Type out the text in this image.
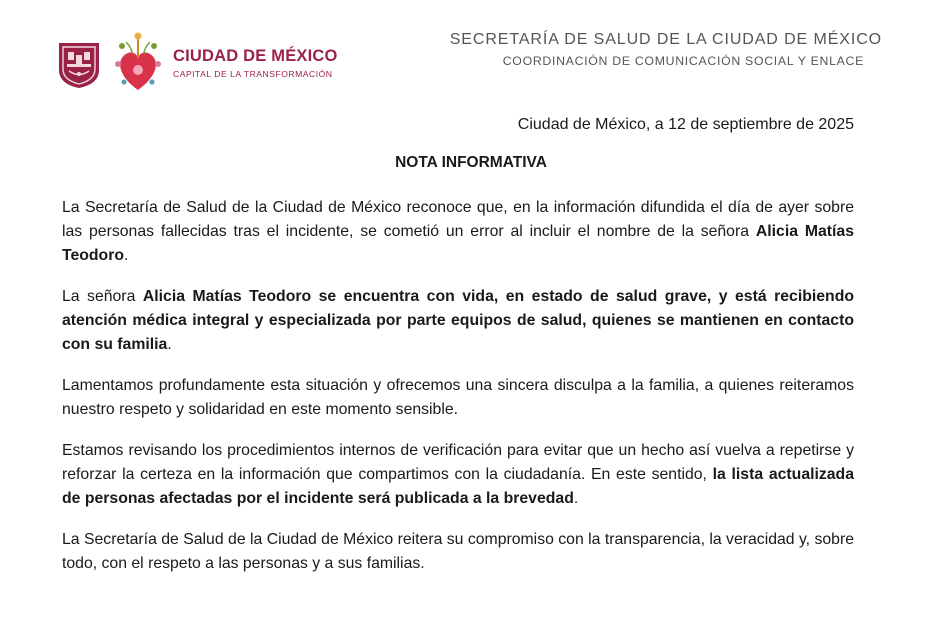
CIUDAD DE MÉXICO
CAPITAL DE LA TRANSFORMACIÓN
SECRETARÍA DE SALUD DE LA CIUDAD DE MÉXICO
COORDINACIÓN DE COMUNICACIÓN SOCIAL Y ENLACE
Ciudad de México, a 12 de septiembre de 2025
NOTA INFORMATIVA

La Secretaría de Salud de la Ciudad de México reconoce que, en la información difundida el día de ayer sobre las personas fallecidas tras el incidente, se cometió un error al incluir el nombre de la señora Alicia Matías Teodoro.

La señora Alicia Matías Teodoro se encuentra con vida, en estado de salud grave, y está recibiendo atención médica integral y especializada por parte equipos de salud, quienes se mantienen en contacto con su familia.

Lamentamos profundamente esta situación y ofrecemos una sincera disculpa a la familia, a quienes reiteramos nuestro respeto y solidaridad en este momento sensible.

Estamos revisando los procedimientos internos de verificación para evitar que un hecho así vuelva a repetirse y reforzar la certeza en la información que compartimos con la ciudadanía. En este sentido, la lista actualizada de personas afectadas por el incidente será publicada a la brevedad.

La Secretaría de Salud de la Ciudad de México reitera su compromiso con la transparencia, la veracidad y, sobre todo, con el respeto a las personas y a sus familias.
